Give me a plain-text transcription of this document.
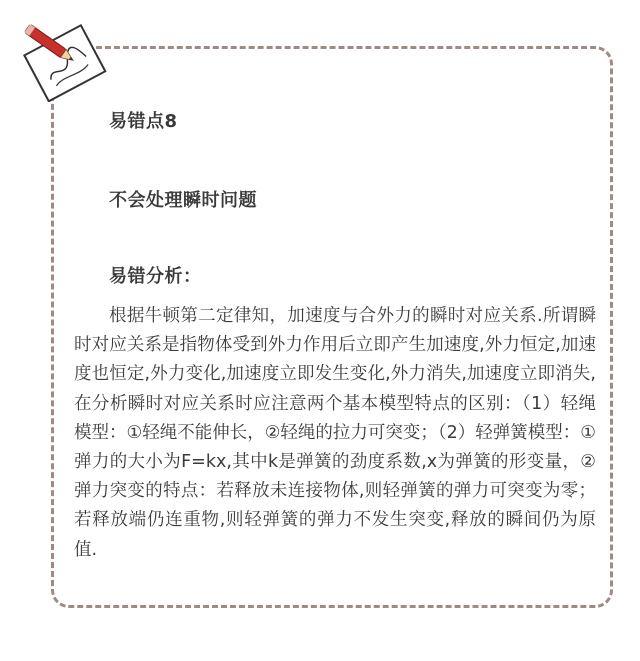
易错点8
不会处理瞬时问题
易错分析：

根据牛顿第二定律知，加速度与合外力的瞬时对应关系.所谓瞬时对应关系是指物体受到外力作用后立即产生加速度,外力恒定,加速度也恒定,外力变化,加速度立即发生变化,外力消失,加速度立即消失,在分析瞬时对应关系时应注意两个基本模型特点的区别：（1）轻绳模型：①轻绳不能伸长，②轻绳的拉力可突变；（2）轻弹簧模型：①弹力的大小为F=kx,其中k是弹簧的劲度系数,x为弹簧的形变量，②弹力突变的特点：若释放未连接物体,则轻弹簧的弹力可突变为零；若释放端仍连重物,则轻弹簧的弹力不发生突变,释放的瞬间仍为原值.
